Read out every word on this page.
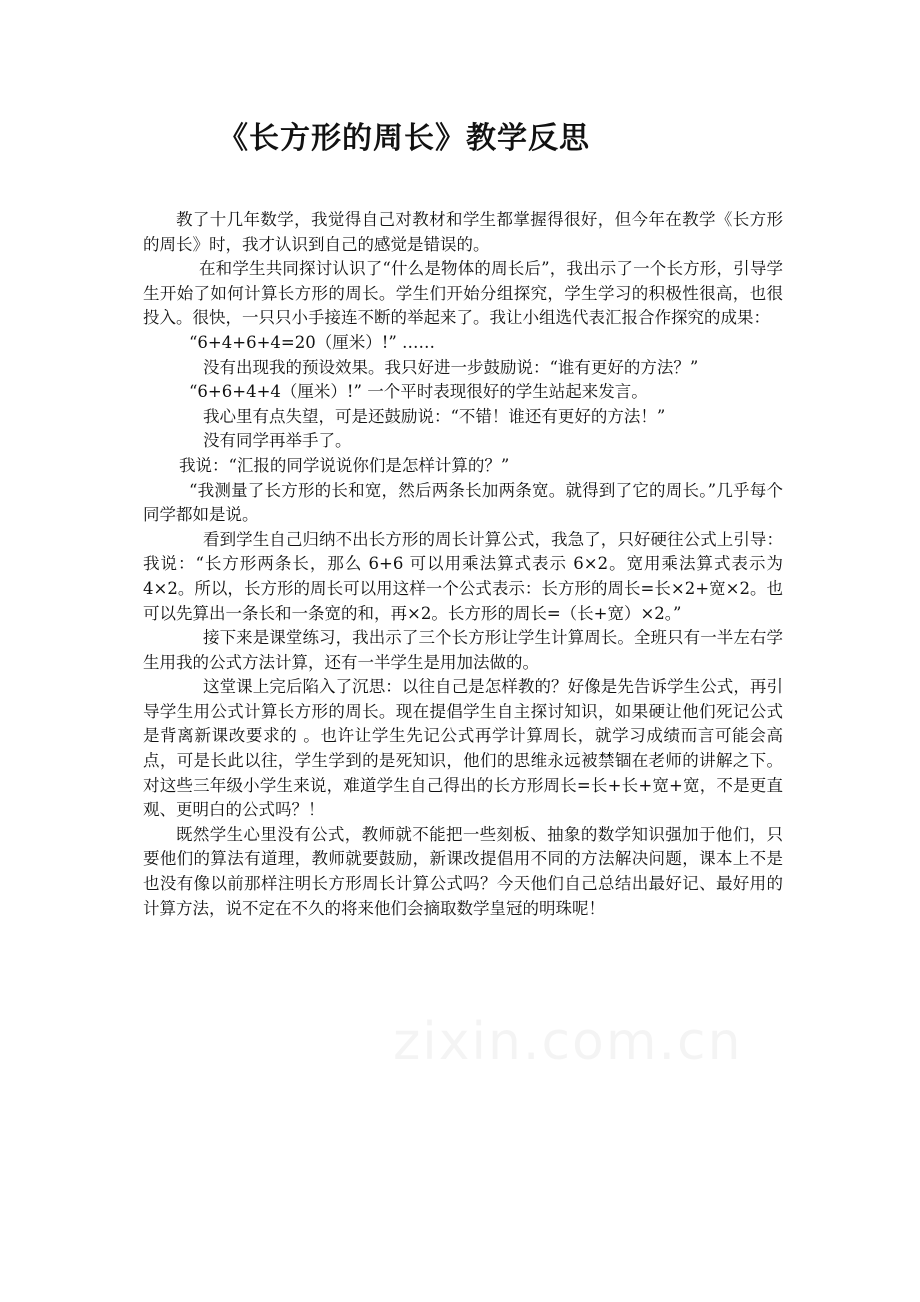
《长方形的周长》教学反思

教了十几年数学，我觉得自己对教材和学生都掌握得很好，但今年在教学《长方形的周长》时，我才认识到自己的感觉是错误的。

在和学生共同探讨认识了“什么是物体的周长后”，我出示了一个长方形，引导学生开始了如何计算长方形的周长。学生们开始分组探究，学生学习的积极性很高，也很投入。很快，一只只小手接连不断的举起来了。我让小组选代表汇报合作探究的成果：

“6+4+6+4=20（厘米）!” ……

没有出现我的预设效果。我只好进一步鼓励说：“谁有更好的方法？”

“6+6+4+4（厘米）!” 一个平时表现很好的学生站起来发言。

我心里有点失望，可是还鼓励说：“不错！谁还有更好的方法！”

没有同学再举手了。

我说：“汇报的同学说说你们是怎样计算的？”

“我测量了长方形的长和宽，然后两条长加两条宽。就得到了它的周长。”几乎每个同学都如是说。

看到学生自己归纳不出长方形的周长计算公式，我急了，只好硬往公式上引导：我说：“长方形两条长，那么 6+6 可以用乘法算式表示 6×2。宽用乘法算式表示为 4×2。所以，长方形的周长可以用这样一个公式表示：长方形的周长=长×2+宽×2。也可以先算出一条长和一条宽的和，再×2。长方形的周长=（长+宽）×2。”

接下来是课堂练习，我出示了三个长方形让学生计算周长。全班只有一半左右学生用我的公式方法计算，还有一半学生是用加法做的。

这堂课上完后陷入了沉思：以往自己是怎样教的？好像是先告诉学生公式，再引导学生用公式计算长方形的周长。现在提倡学生自主探讨知识，如果硬让他们死记公式是背离新课改要求的 。也许让学生先记公式再学计算周长，就学习成绩而言可能会高点，可是长此以往，学生学到的是死知识，他们的思维永远被禁锢在老师的讲解之下。对这些三年级小学生来说，难道学生自己得出的长方形周长=长+长+宽+宽，不是更直观、更明白的公式吗？！

既然学生心里没有公式，教师就不能把一些刻板、抽象的数学知识强加于他们，只要他们的算法有道理，教师就要鼓励，新课改提倡用不同的方法解决问题，课本上不是也没有像以前那样注明长方形周长计算公式吗？今天他们自己总结出最好记、最好用的计算方法，说不定在不久的将来他们会摘取数学皇冠的明珠呢！
